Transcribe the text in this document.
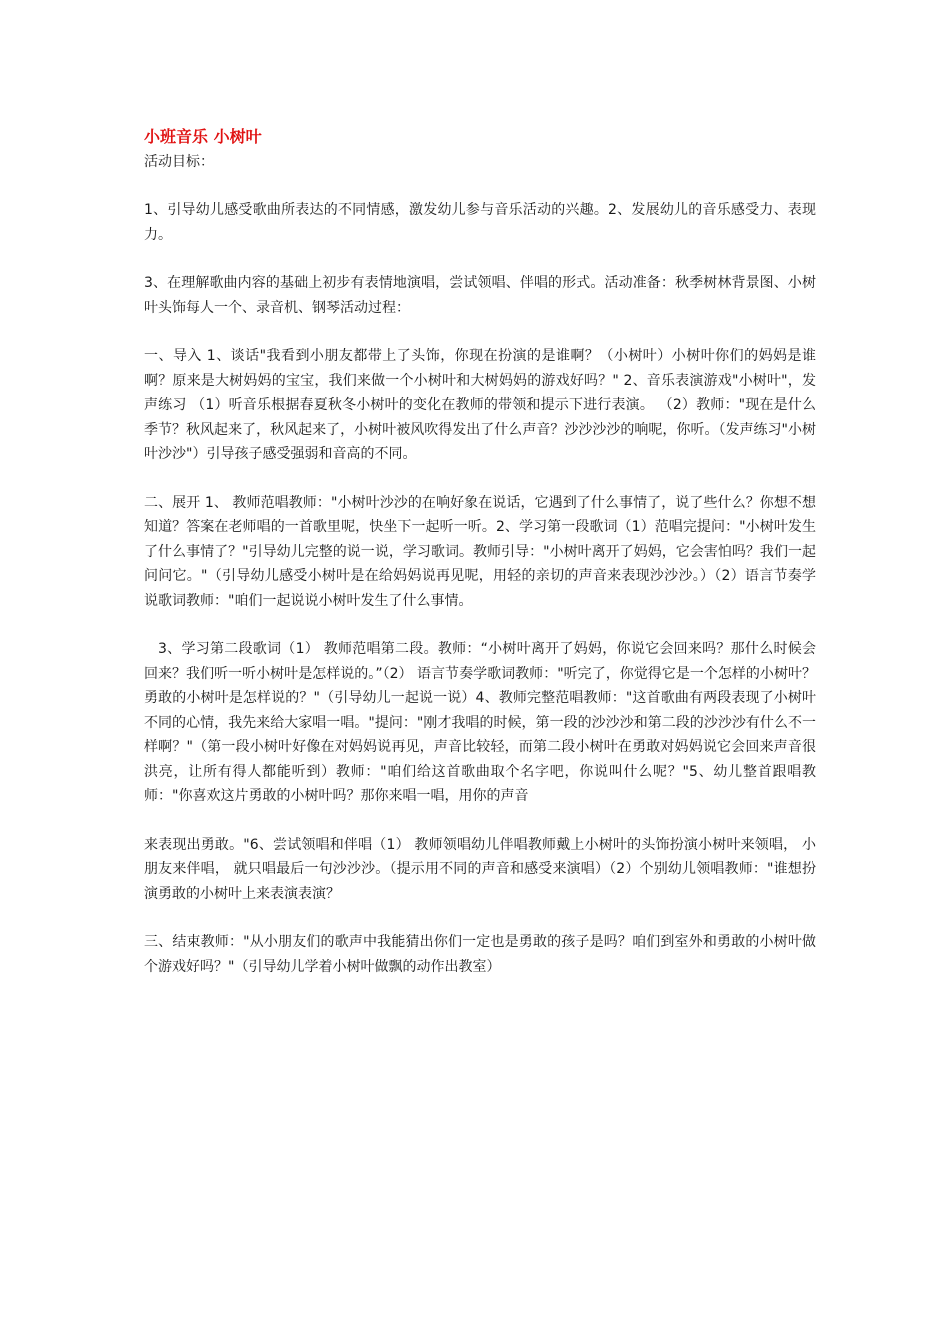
小班音乐 小树叶

活动目标：

1、引导幼儿感受歌曲所表达的不同情感，激发幼儿参与音乐活动的兴趣。2、发展幼儿的音乐感受力、表现力。

3、在理解歌曲内容的基础上初步有表情地演唱，尝试领唱、伴唱的形式。活动准备：秋季树林背景图、小树叶头饰每人一个、录音机、钢琴活动过程：

一、导入 1、谈话"我看到小朋友都带上了头饰，你现在扮演的是谁啊？（小树叶）小树叶你们的妈妈是谁啊？原来是大树妈妈的宝宝，我们来做一个小树叶和大树妈妈的游戏好吗？" 2、音乐表演游戏"小树叶"，发声练习 （1）听音乐根据春夏秋冬小树叶的变化在教师的带领和提示下进行表演。 （2）教师："现在是什么季节？秋风起来了，秋风起来了，小树叶被风吹得发出了什么声音？沙沙沙沙的响呢，你听。（发声练习"小树叶沙沙"）引导孩子感受强弱和音高的不同。

二、展开 1、 教师范唱教师："小树叶沙沙的在响好象在说话，它遇到了什么事情了，说了些什么？你想不想知道？答案在老师唱的一首歌里呢，快坐下一起听一听。2、学习第一段歌词（1）范唱完提问："小树叶发生了什么事情了？"引导幼儿完整的说一说，学习歌词。教师引导："小树叶离开了妈妈，它会害怕吗？我们一起问问它。"（引导幼儿感受小树叶是在给妈妈说再见呢，用轻的亲切的声音来表现沙沙沙。）（2）语言节奏学说歌词教师："咱们一起说说小树叶发生了什么事情。

3、学习第二段歌词（1） 教师范唱第二段。教师：“小树叶离开了妈妈，你说它会回来吗？那什么时候会回来？我们听一听小树叶是怎样说的。”（2） 语言节奏学歌词教师："听完了，你觉得它是一个怎样的小树叶？勇敢的小树叶是怎样说的？"（引导幼儿一起说一说）4、教师完整范唱教师："这首歌曲有两段表现了小树叶不同的心情，我先来给大家唱一唱。"提问："刚才我唱的时候，第一段的沙沙沙和第二段的沙沙沙有什么不一样啊？"（第一段小树叶好像在对妈妈说再见，声音比较轻，而第二段小树叶在勇敢对妈妈说它会回来声音很洪亮，让所有得人都能听到）教师："咱们给这首歌曲取个名字吧，你说叫什么呢？"5、幼儿整首跟唱教师："你喜欢这片勇敢的小树叶吗？那你来唱一唱，用你的声音

来表现出勇敢。"6、尝试领唱和伴唱（1） 教师领唱幼儿伴唱教师戴上小树叶的头饰扮演小树叶来领唱， 小朋友来伴唱， 就只唱最后一句沙沙沙。（提示用不同的声音和感受来演唱）（2）个别幼儿领唱教师："谁想扮演勇敢的小树叶上来表演表演？

三、结束教师："从小朋友们的歌声中我能猜出你们一定也是勇敢的孩子是吗？咱们到室外和勇敢的小树叶做个游戏好吗？"（引导幼儿学着小树叶做飘的动作出教室）
